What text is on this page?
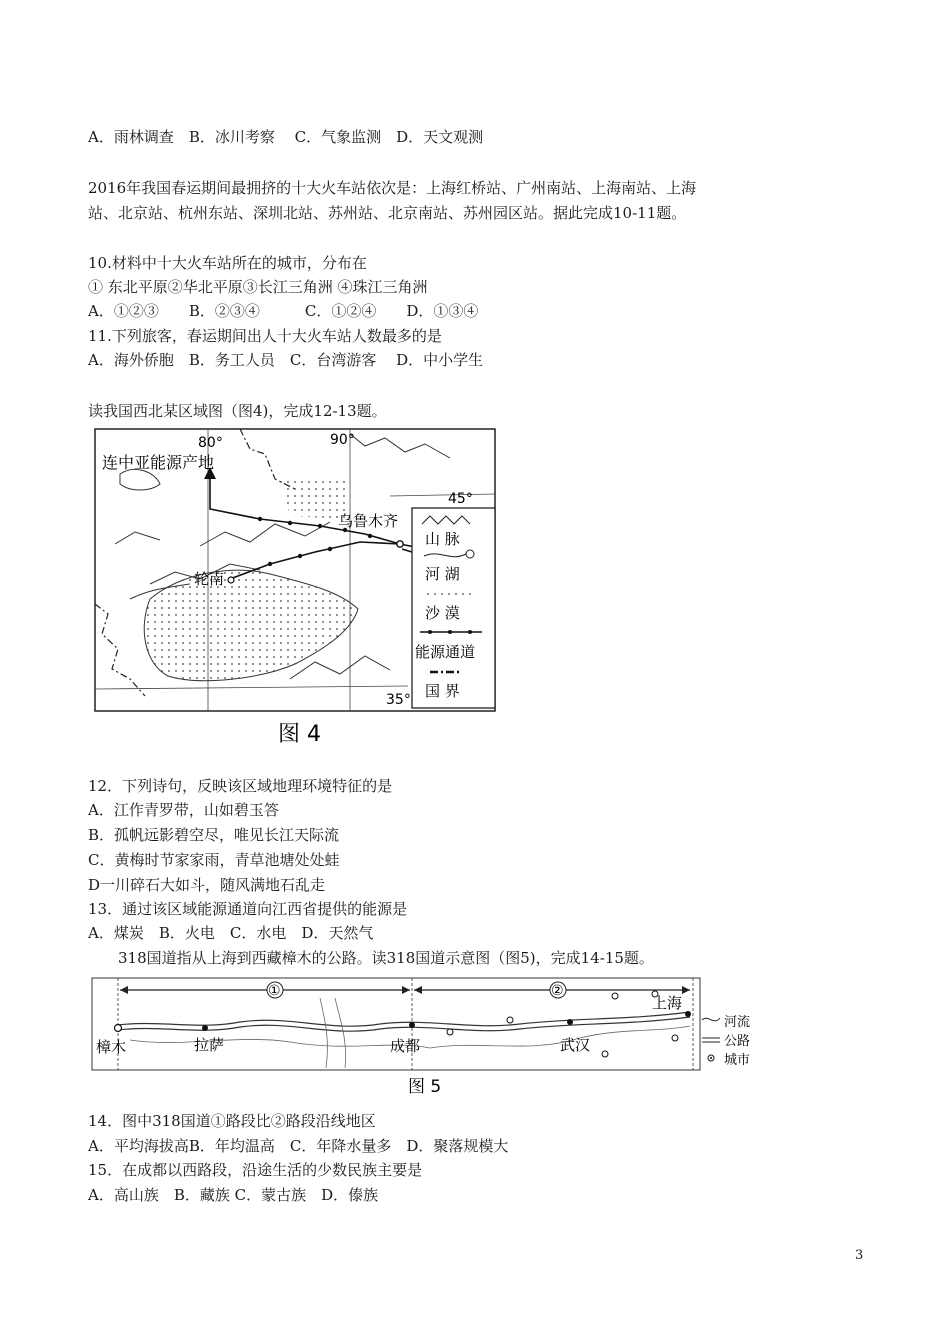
A．雨林调查　B．冰川考察　 C．气象监测　D．天文观测
2016年我国春运期间最拥挤的十大火车站依次是：上海红桥站、广州南站、上海南站、上海
站、北京站、杭州东站、深圳北站、苏州站、北京南站、苏州园区站。据此完成10-11题。
10.材料中十大火车站所在的城市，分布在
① 东北平原②华北平原③长江三角洲 ④珠江三角洲
A．①②③　　B．②③④　　　C．①②④　　D．①③④
11.下列旅客，春运期间出人十大火车站人数最多的是
A．海外侨胞　B．务工人员　C．台湾游客　 D．中小学生
读我国西北某区域图（图4)，完成12-13题。
连中亚能源产地
80°	90°
45°
35°
乌鲁木齐
轮南
山 脉
河 湖
沙 漠
能源通道
国 界
图 4
12．下列诗句，反映该区域地理环境特征的是
A．江作青罗带，山如碧玉答
B．孤帆远影碧空尽，唯见长江天际流
C．黄梅时节家家雨，青草池塘处处蛙
D一川碎石大如斗，随风满地石乱走
13．通过该区域能源通道向江西省提供的能源是
A．煤炭　B．火电　C．水电　D．天然气
318国道指从上海到西藏樟木的公路。读318国道示意图（图5)，完成14-15题。
①	②
樟木	拉萨	成都	武汉
上海
河流
公路
城市
图 5
14．图中318国道①路段比②路段沿线地区
A．平均海拔高B．年均温高　C．年降水量多　D．聚落规模大
15．在成都以西路段，沿途生活的少数民族主要是
A．高山族　B．藏族 C．蒙古族　D．傣族
3
